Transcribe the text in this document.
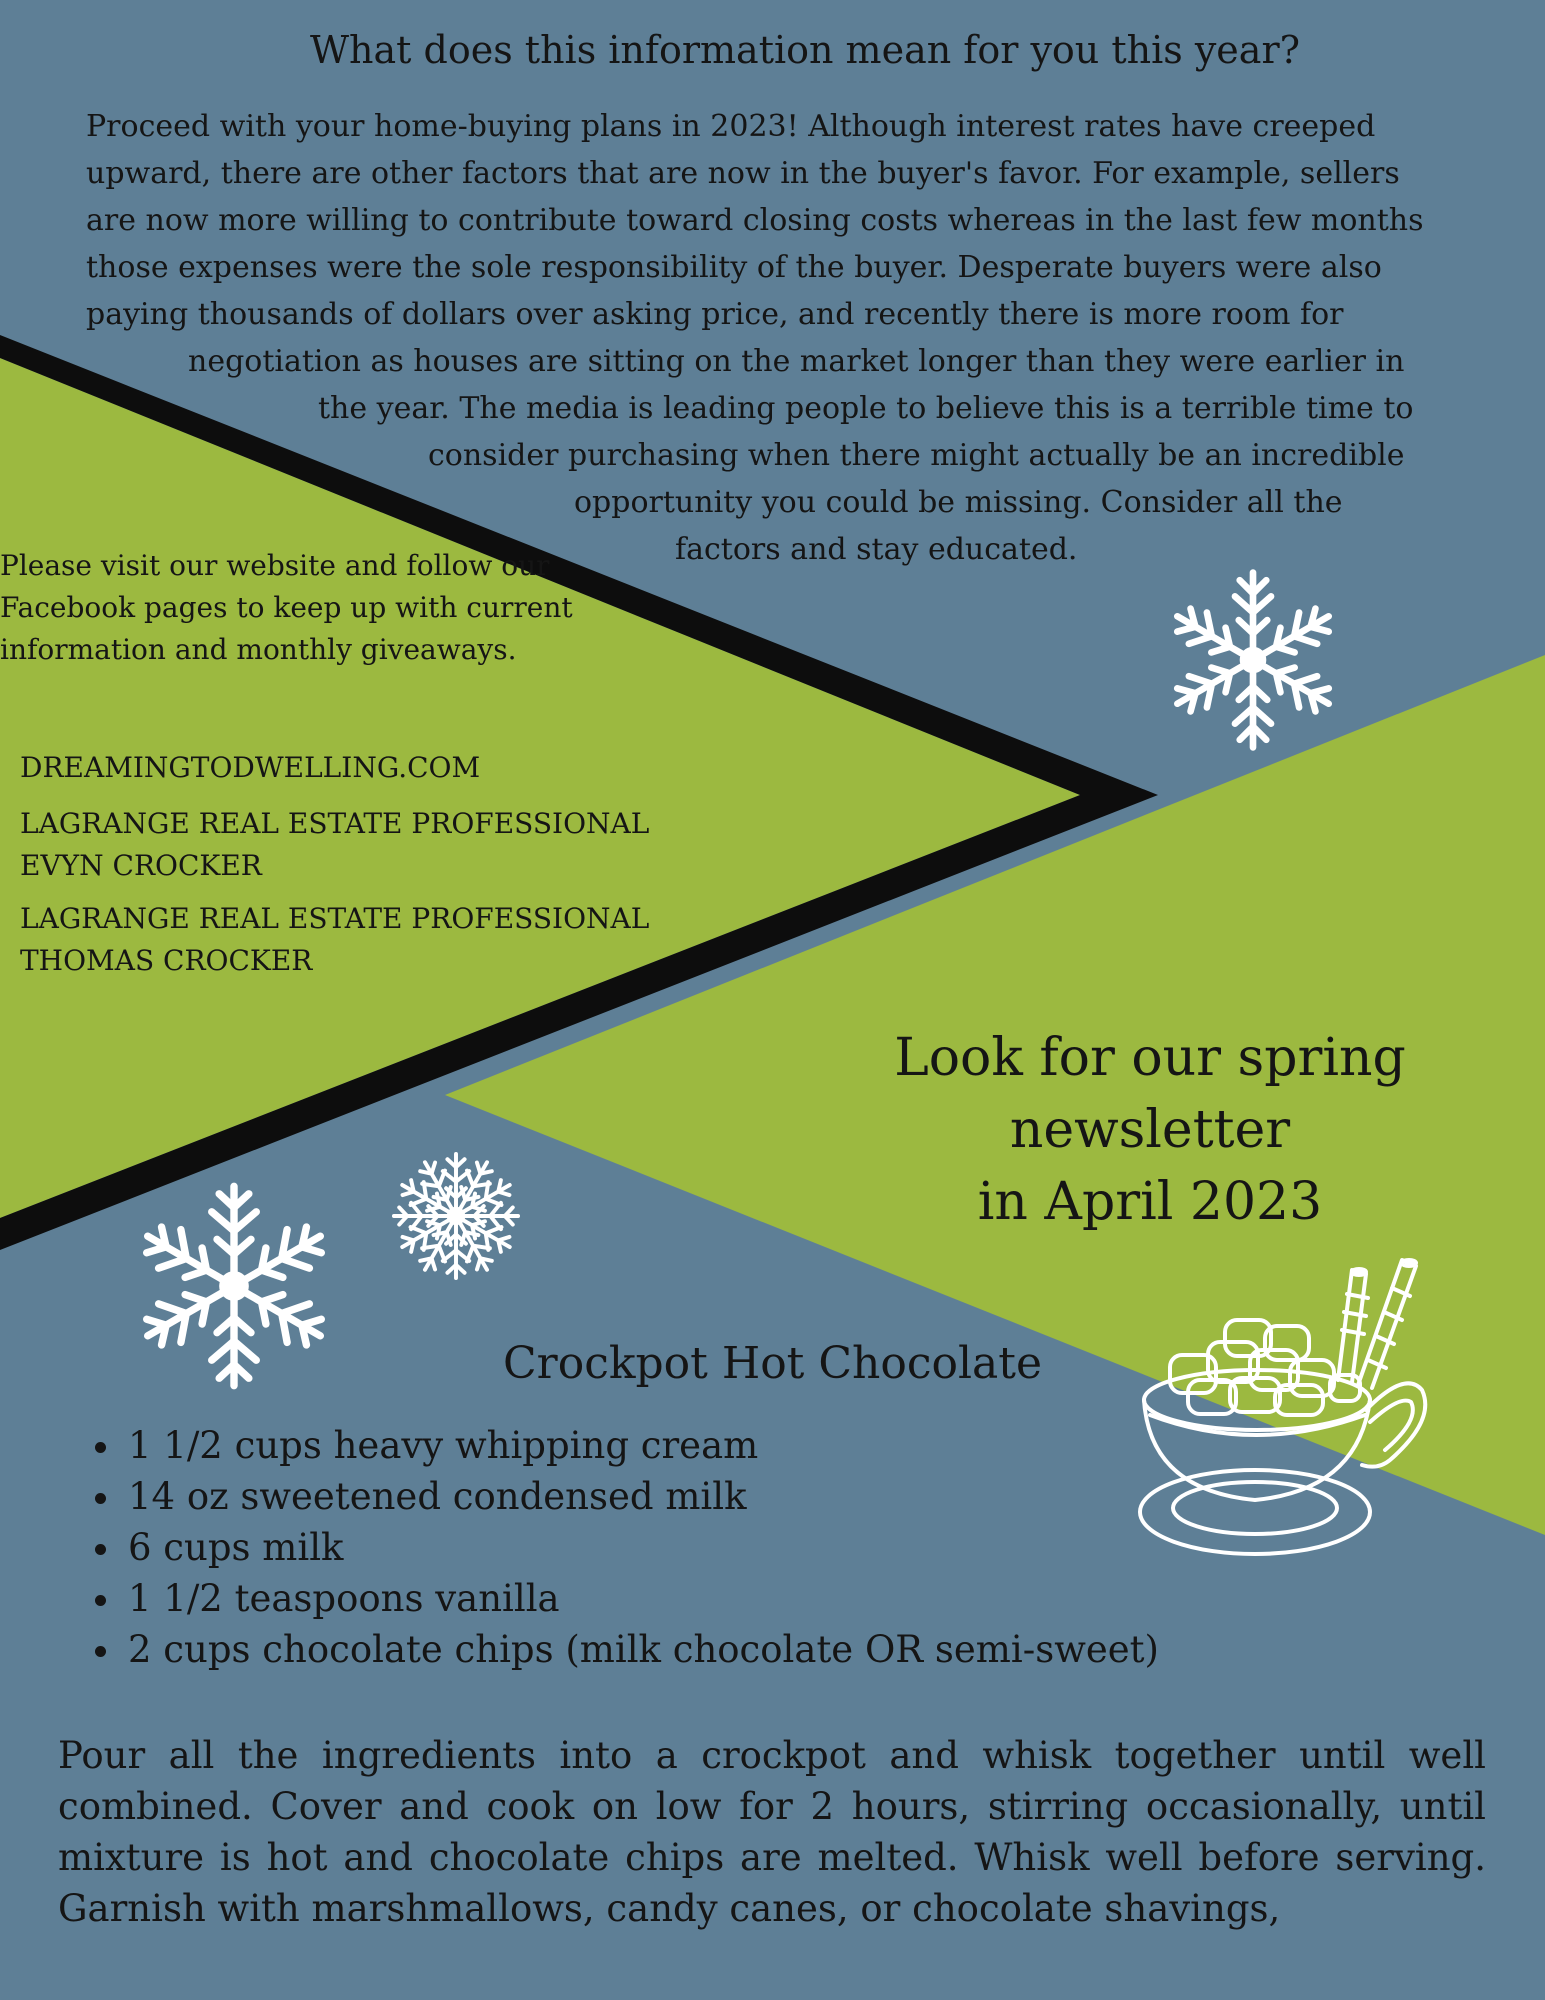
What does this information mean for you this year?
Proceed with your home-buying plans in 2023! Although interest rates have creeped
upward, there are other factors that are now in the buyer's favor. For example, sellers
are now more willing to contribute toward closing costs whereas in the last few months
those expenses were the sole responsibility of the buyer. Desperate buyers were also
paying thousands of dollars over asking price, and recently there is more room for
negotiation as houses are sitting on the market longer than they were earlier in
the year. The media is leading people to believe this is a terrible time to
consider purchasing when there might actually be an incredible
opportunity you could be missing. Consider all the
factors and stay educated.
Please visit our website and follow our Facebook pages to keep up with current information and monthly giveaways.
DREAMINGTODWELLING.COM
LAGRANGE REAL ESTATE PROFESSIONAL
EVYN CROCKER
LAGRANGE REAL ESTATE PROFESSIONAL
THOMAS CROCKER
Look for our spring newsletter
in April 2023
Crockpot Hot Chocolate
• 1 1/2 cups heavy whipping cream
• 14 oz sweetened condensed milk
• 6 cups milk
• 1 1/2 teaspoons vanilla
• 2 cups chocolate chips (milk chocolate OR semi-sweet)

Pour all the ingredients into a crockpot and whisk together until well combined. Cover and cook on low for 2 hours, stirring occasionally, until mixture is hot and chocolate chips are melted. Whisk well before serving. Garnish with marshmallows, candy canes, or chocolate shavings,
